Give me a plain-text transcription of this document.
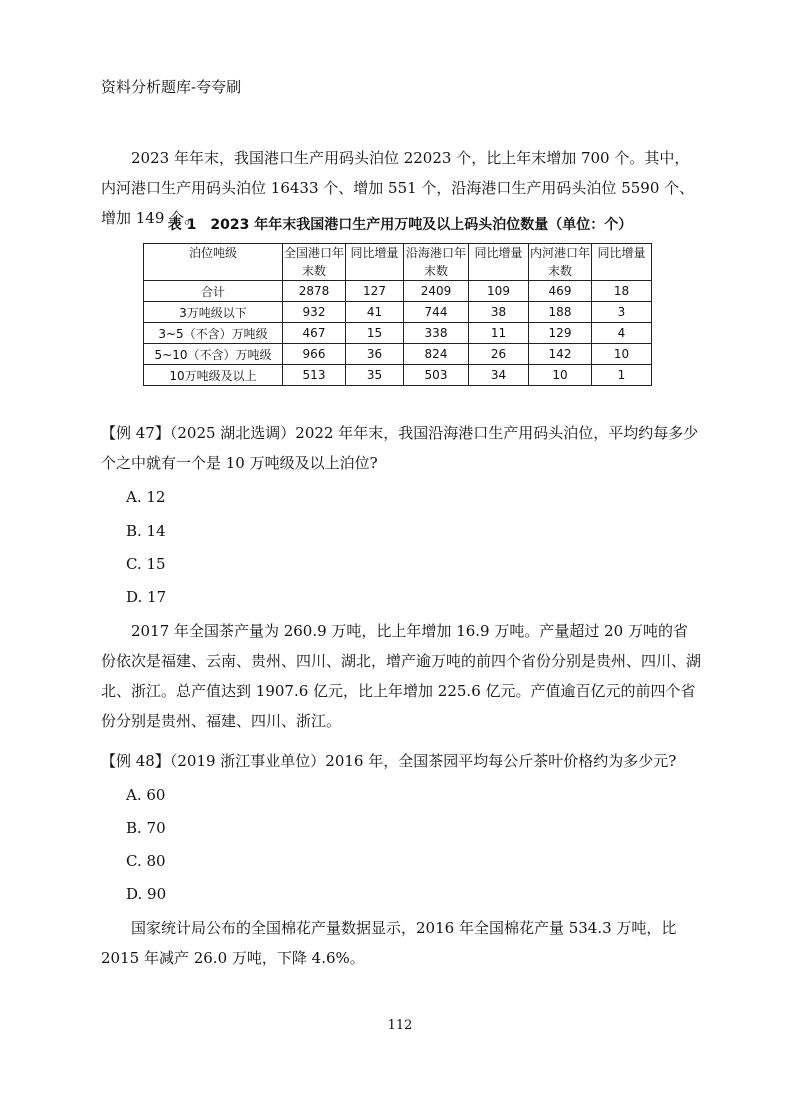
资料分析题库-夸夸刷

2023 年年末，我国港口生产用码头泊位 22023 个，比上年末增加 700 个。其中，内河港口生产用码头泊位 16433 个、增加 551 个，沿海港口生产用码头泊位 5590 个、增加 149 个。

表 1　2023 年年末我国港口生产用万吨及以上码头泊位数量（单位：个）
泊位吨级	全国港口年末数	同比增量	沿海港口年末数	同比增量	内河港口年末数	同比增量
合计	2878	127	2409	109	469	18
3万吨级以下	932	41	744	38	188	3
3~5（不含）万吨级	467	15	338	11	129	4
5~10（不含）万吨级	966	36	824	26	142	10
10万吨级及以上	513	35	503	34	10	1

【例 47】（2025 湖北选调）2022 年年末，我国沿海港口生产用码头泊位，平均约每多少个之中就有一个是 10 万吨级及以上泊位?

A. 12
B. 14
C. 15
D. 17

2017 年全国茶产量为 260.9 万吨，比上年增加 16.9 万吨。产量超过 20 万吨的省份依次是福建、云南、贵州、四川、湖北，增产逾万吨的前四个省份分别是贵州、四川、湖北、浙江。总产值达到 1907.6 亿元，比上年增加 225.6 亿元。产值逾百亿元的前四个省份分别是贵州、福建、四川、浙江。

【例 48】（2019 浙江事业单位）2016 年，全国茶园平均每公斤茶叶价格约为多少元?

A. 60
B. 70
C. 80
D. 90

国家统计局公布的全国棉花产量数据显示，2016 年全国棉花产量 534.3 万吨，比 2015 年减产 26.0 万吨，下降 4.6%。

112
